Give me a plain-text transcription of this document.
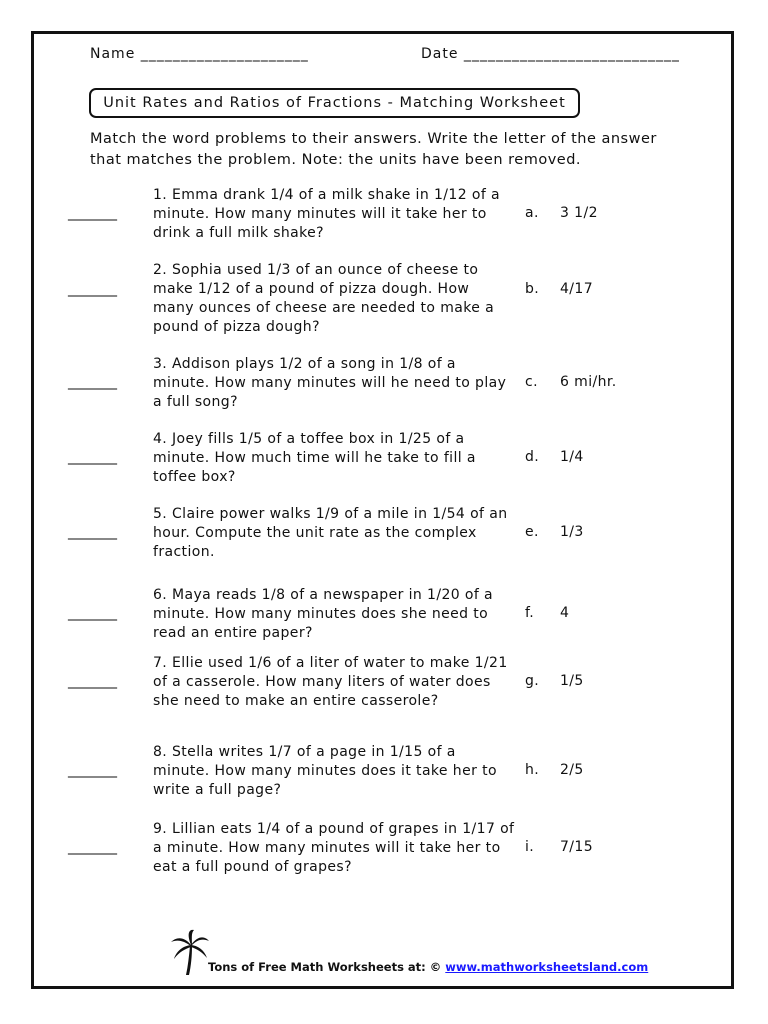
Name _____________________	Date ___________________________
Unit Rates and Ratios of Fractions - Matching Worksheet
Match the word problems to their answers. Write the letter of the answer that matches the problem. Note: the units have been removed.
_______
1. Emma drank 1/4 of a milk shake in 1/12 of a minute. How many minutes will it take her to drink a full milk shake?
a. 3 1/2
_______
2. Sophia used 1/3 of an ounce of cheese to make 1/12 of a pound of pizza dough. How many ounces of cheese are needed to make a pound of pizza dough?
b. 4/17
_______
3. Addison plays 1/2 of a song in 1/8 of a minute. How many minutes will he need to play a full song?
c. 6 mi/hr.
_______
4. Joey fills 1/5 of a toffee box in 1/25 of a minute. How much time will he take to fill a toffee box?
d. 1/4
_______
5. Claire power walks 1/9 of a mile in 1/54 of an hour. Compute the unit rate as the complex fraction.
e. 1/3
_______
6. Maya reads 1/8 of a newspaper in 1/20 of a minute. How many minutes does she need to read an entire paper?
f. 4
_______
7. Ellie used 1/6 of a liter of water to make 1/21 of a casserole. How many liters of water does she need to make an entire casserole?
g. 1/5
_______
8. Stella writes 1/7 of a page in 1/15 of a minute. How many minutes does it take her to write a full page?
h. 2/5
_______
9. Lillian eats 1/4 of a pound of grapes in 1/17 of a minute. How many minutes will it take her to eat a full pound of grapes?
i. 7/15
Tons of Free Math Worksheets at: © www.mathworksheetsland.com
